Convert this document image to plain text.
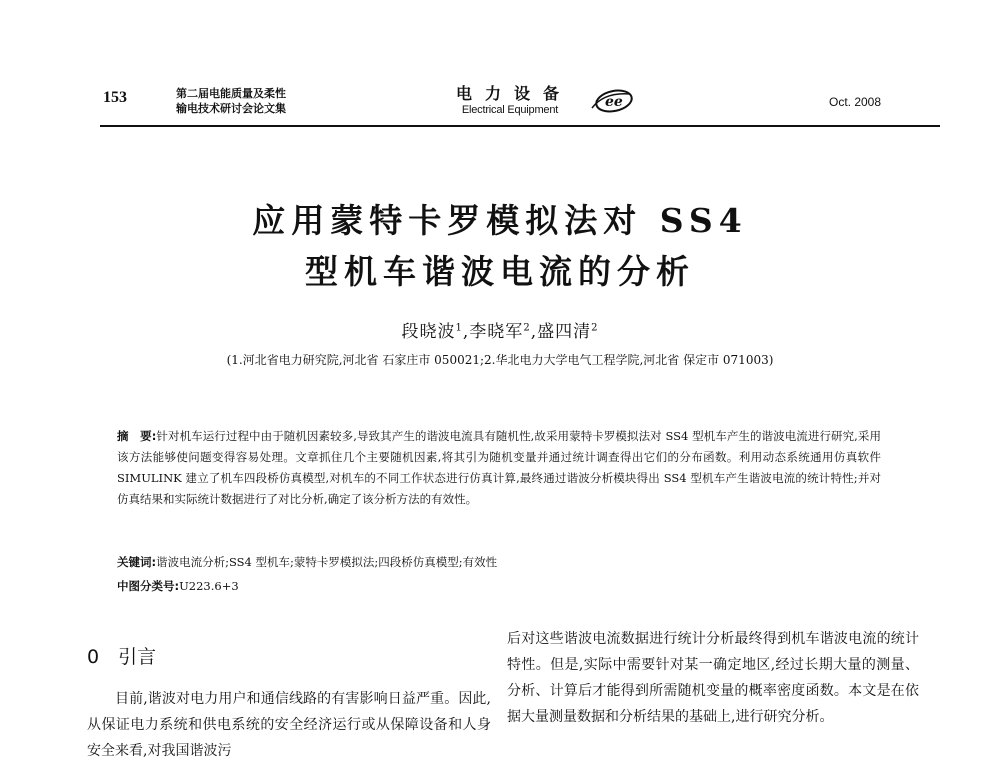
153	第二届电能质量及柔性
输电技术研讨会论文集
电力设备
Electrical Equipment	ee	Oct. 2008
应用蒙特卡罗模拟法对 SS4
型机车谐波电流的分析
段晓波$^1$,李晓军$^2$,盛四清$^2$
(1.河北省电力研究院,河北省 石家庄市 050021;2.华北电力大学电气工程学院,河北省 保定市 071003)
摘　要:针对机车运行过程中由于随机因素较多,导致其产生的谐波电流具有随机性,故采用蒙特卡罗模拟法对 SS4 型机车产生的谐波电流进行研究,采用该方法能够使问题变得容易处理。文章抓住几个主要随机因素,将其引为随机变量并通过统计调查得出它们的分布函数。利用动态系统通用仿真软件 SIMULINK 建立了机车四段桥仿真模型,对机车的不同工作状态进行仿真计算,最终通过谐波分析模块得出 SS4 型机车产生谐波电流的统计特性;并对仿真结果和实际统计数据进行了对比分析,确定了该分析方法的有效性。
关键词:谐波电流分析;SS4 型机车;蒙特卡罗模拟法;四段桥仿真模型;有效性
中图分类号:U223.6+3
0　引言
目前,谐波对电力用户和通信线路的有害影响日益严重。因此,从保证电力系统和供电系统的安全经济运行或从保障设备和人身安全来看,对我国谐波污
后对这些谐波电流数据进行统计分析最终得到机车谐波电流的统计特性。但是,实际中需要针对某一确定地区,经过长期大量的测量、分析、计算后才能得到所需随机变量的概率密度函数。本文是在依据大量测量数据和分析结果的基础上,进行研究分析。
